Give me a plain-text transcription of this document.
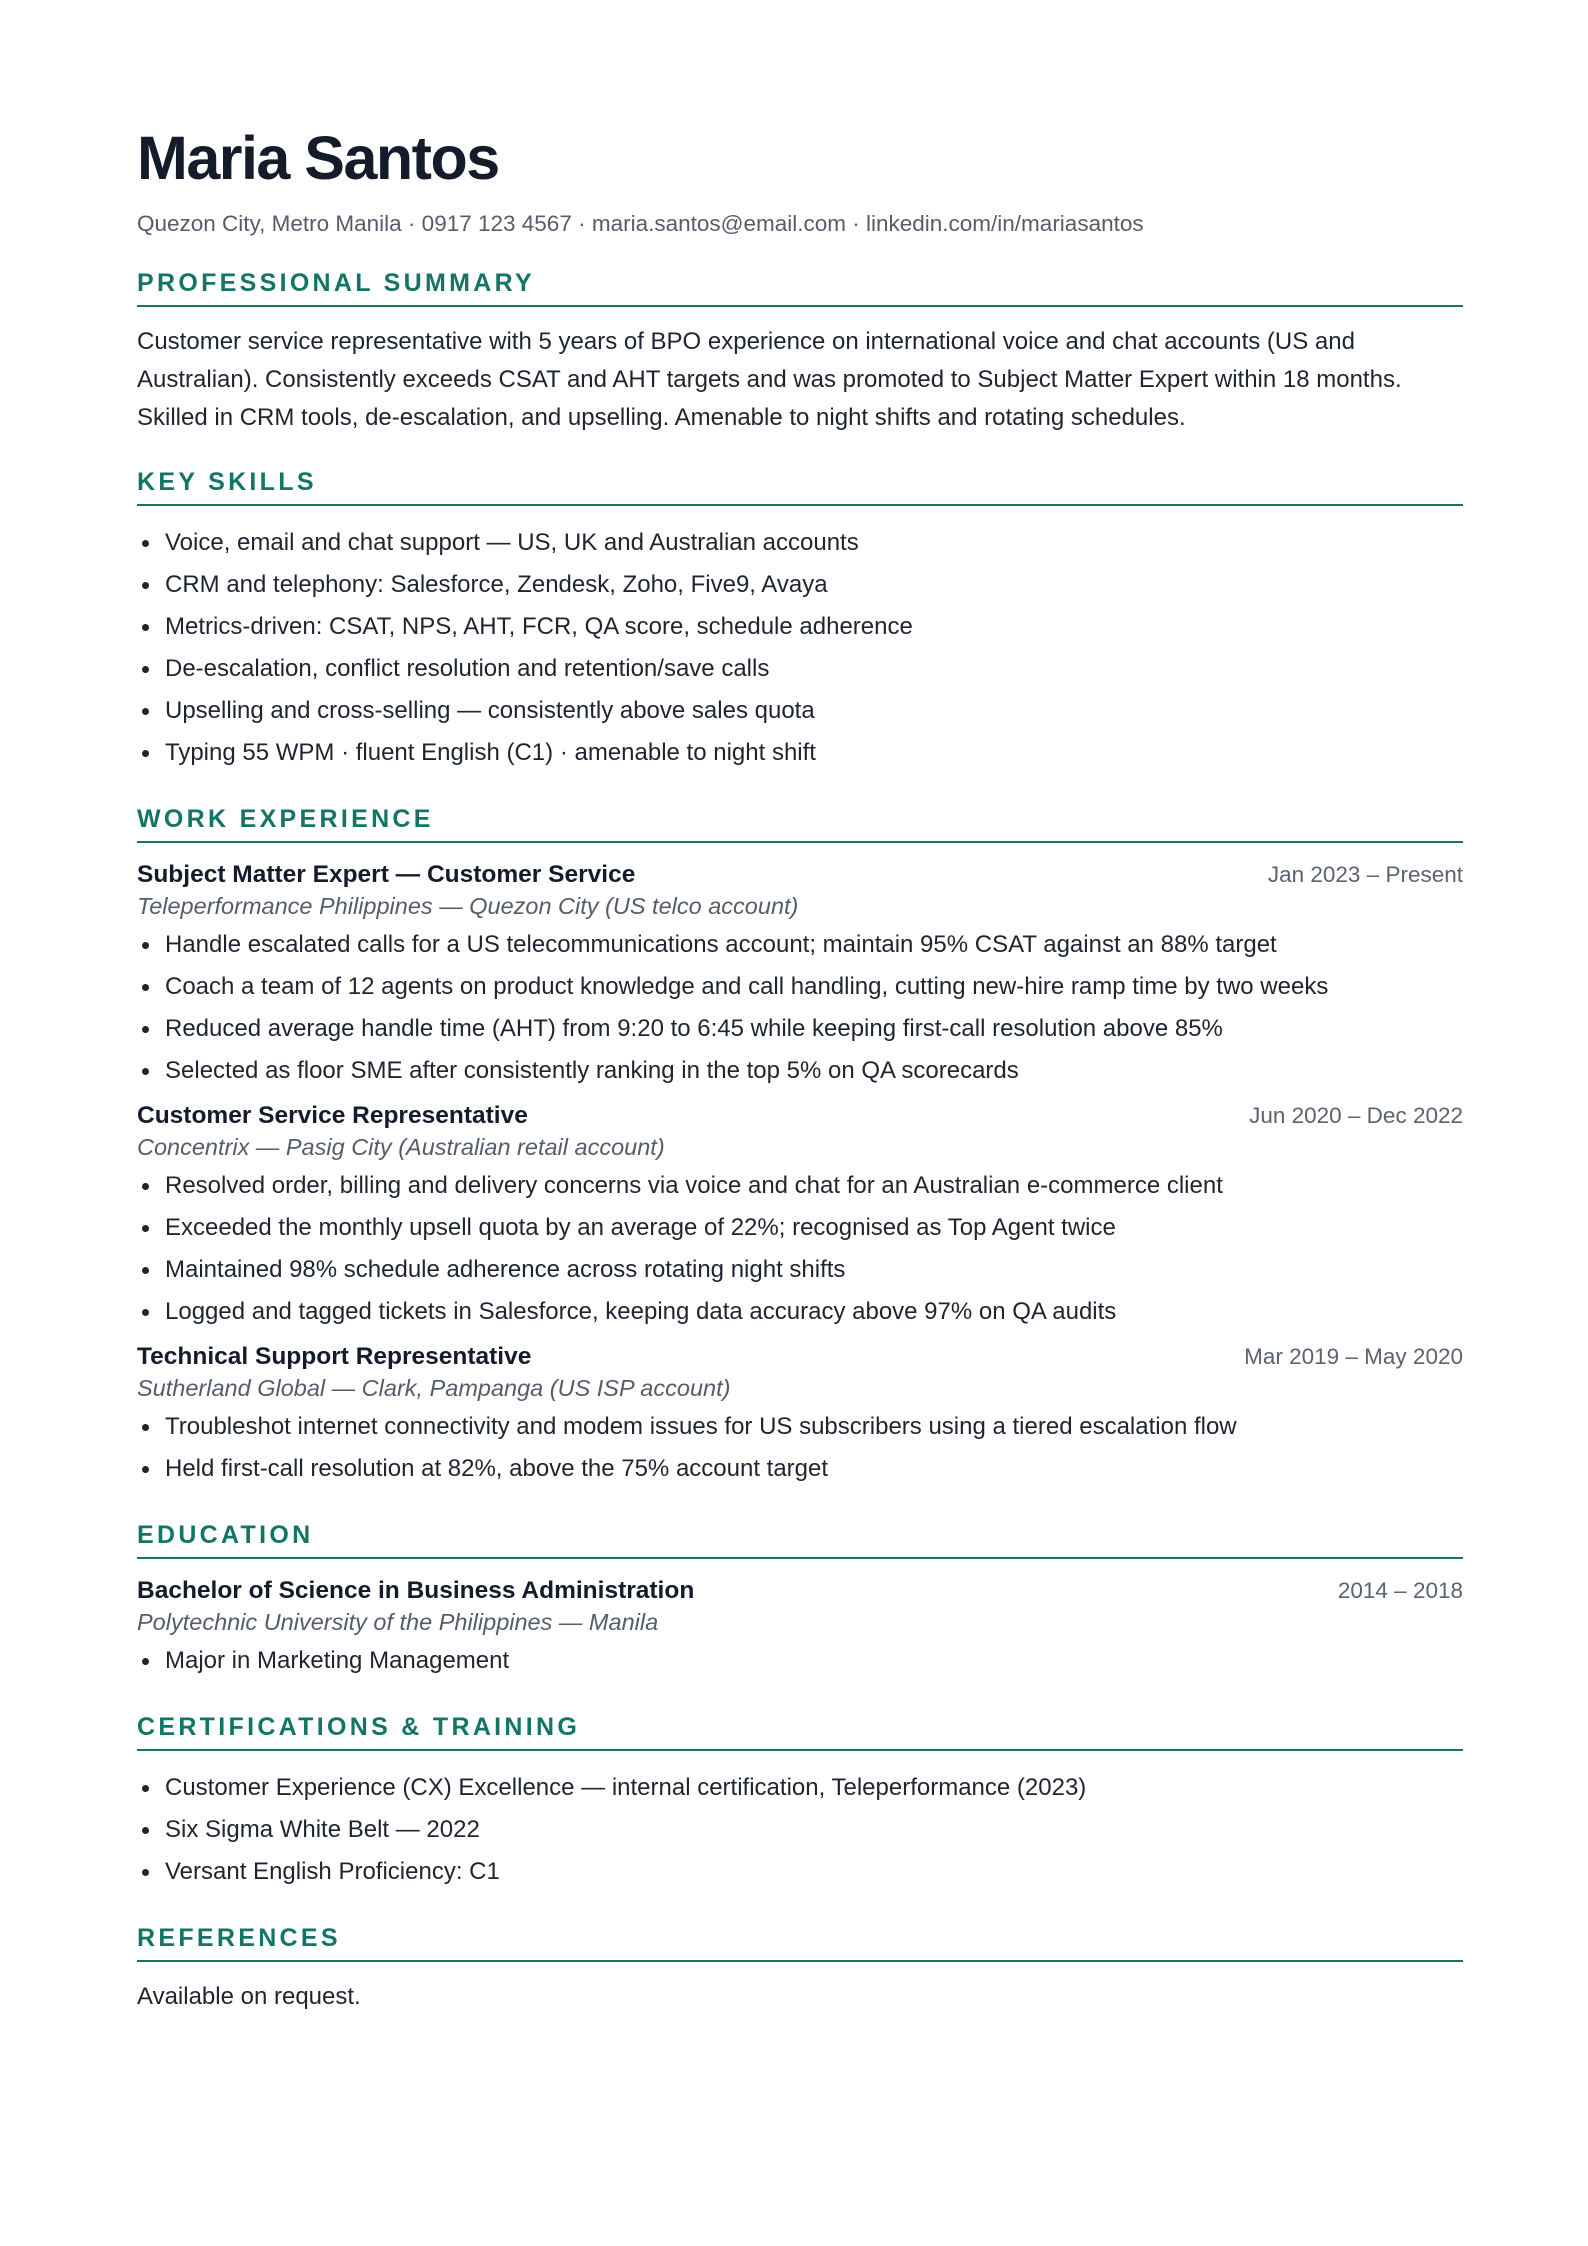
Maria Santos
Quezon City, Metro Manila · 0917 123 4567 · maria.santos@email.com · linkedin.com/in/mariasantos
PROFESSIONAL SUMMARY
Customer service representative with 5 years of BPO experience on international voice and chat accounts (US and Australian). Consistently exceeds CSAT and AHT targets and was promoted to Subject Matter Expert within 18 months. Skilled in CRM tools, de-escalation, and upselling. Amenable to night shifts and rotating schedules.
KEY SKILLS
Voice, email and chat support — US, UK and Australian accounts
CRM and telephony: Salesforce, Zendesk, Zoho, Five9, Avaya
Metrics-driven: CSAT, NPS, AHT, FCR, QA score, schedule adherence
De-escalation, conflict resolution and retention/save calls
Upselling and cross-selling — consistently above sales quota
Typing 55 WPM · fluent English (C1) · amenable to night shift
WORK EXPERIENCE
Subject Matter Expert — Customer Service	Jan 2023 – Present
Teleperformance Philippines — Quezon City (US telco account)
Handle escalated calls for a US telecommunications account; maintain 95% CSAT against an 88% target
Coach a team of 12 agents on product knowledge and call handling, cutting new-hire ramp time by two weeks
Reduced average handle time (AHT) from 9:20 to 6:45 while keeping first-call resolution above 85%
Selected as floor SME after consistently ranking in the top 5% on QA scorecards
Customer Service Representative	Jun 2020 – Dec 2022
Concentrix — Pasig City (Australian retail account)
Resolved order, billing and delivery concerns via voice and chat for an Australian e-commerce client
Exceeded the monthly upsell quota by an average of 22%; recognised as Top Agent twice
Maintained 98% schedule adherence across rotating night shifts
Logged and tagged tickets in Salesforce, keeping data accuracy above 97% on QA audits
Technical Support Representative	Mar 2019 – May 2020
Sutherland Global — Clark, Pampanga (US ISP account)
Troubleshot internet connectivity and modem issues for US subscribers using a tiered escalation flow
Held first-call resolution at 82%, above the 75% account target
EDUCATION
Bachelor of Science in Business Administration	2014 – 2018
Polytechnic University of the Philippines — Manila
Major in Marketing Management
CERTIFICATIONS & TRAINING
Customer Experience (CX) Excellence — internal certification, Teleperformance (2023)
Six Sigma White Belt — 2022
Versant English Proficiency: C1
REFERENCES
Available on request.
